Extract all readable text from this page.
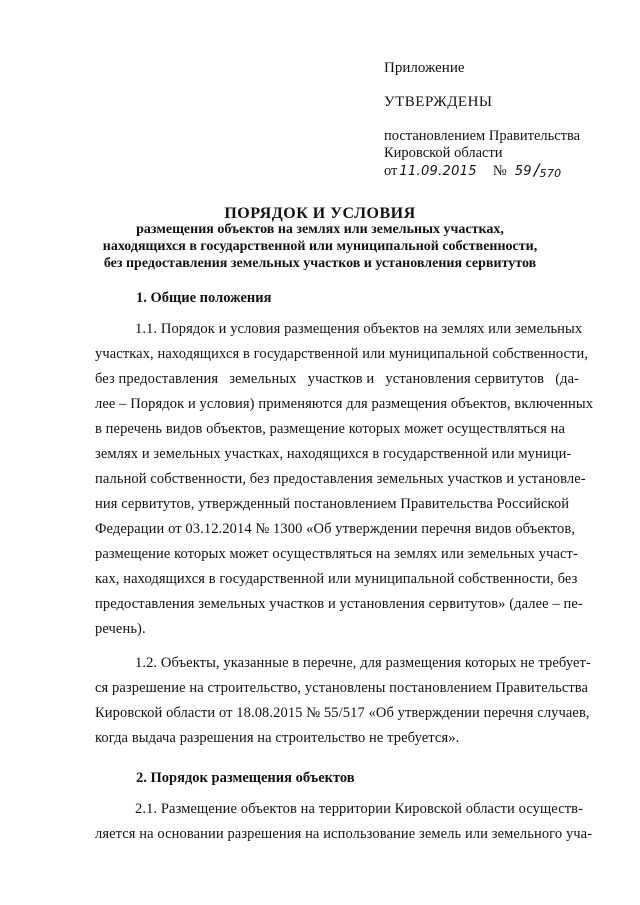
Приложение
УТВЕРЖДЕНЫ
постановлением Правительства
Кировской области
от 11.09.2015 № 59 /570
ПОРЯДОК И УСЛОВИЯ
размещения объектов на землях или земельных участках,
находящихся в государственной или муниципальной собственности,
без предоставления земельных участков и установления сервитутов
1. Общие положения
1.1. Порядок и условия размещения объектов на землях или земельных
участках, находящихся в государственной или муниципальной собственности,
без предоставления   земельных   участков и   установления сервитутов   (да-
лее – Порядок и условия) применяются для размещения объектов, включенных
в перечень видов объектов, размещение которых может осуществляться на
землях и земельных участках, находящихся в государственной или муници-
пальной собственности, без предоставления земельных участков и установле-
ния сервитутов, утвержденный постановлением Правительства Российской
Федерации от 03.12.2014 № 1300 «Об утверждении перечня видов объектов,
размещение которых может осуществляться на землях или земельных участ-
ках, находящихся в государственной или муниципальной собственности, без
предоставления земельных участков и установления сервитутов» (далее – пе-
речень).
1.2. Объекты, указанные в перечне, для размещения которых не требует-
ся разрешение на строительство, установлены постановлением Правительства
Кировской области от 18.08.2015 № 55/517 «Об утверждении перечня случаев,
когда выдача разрешения на строительство не требуется».
2. Порядок размещения объектов
2.1. Размещение объектов на территории Кировской области осуществ-
ляется на основании разрешения на использование земель или земельного уча-
